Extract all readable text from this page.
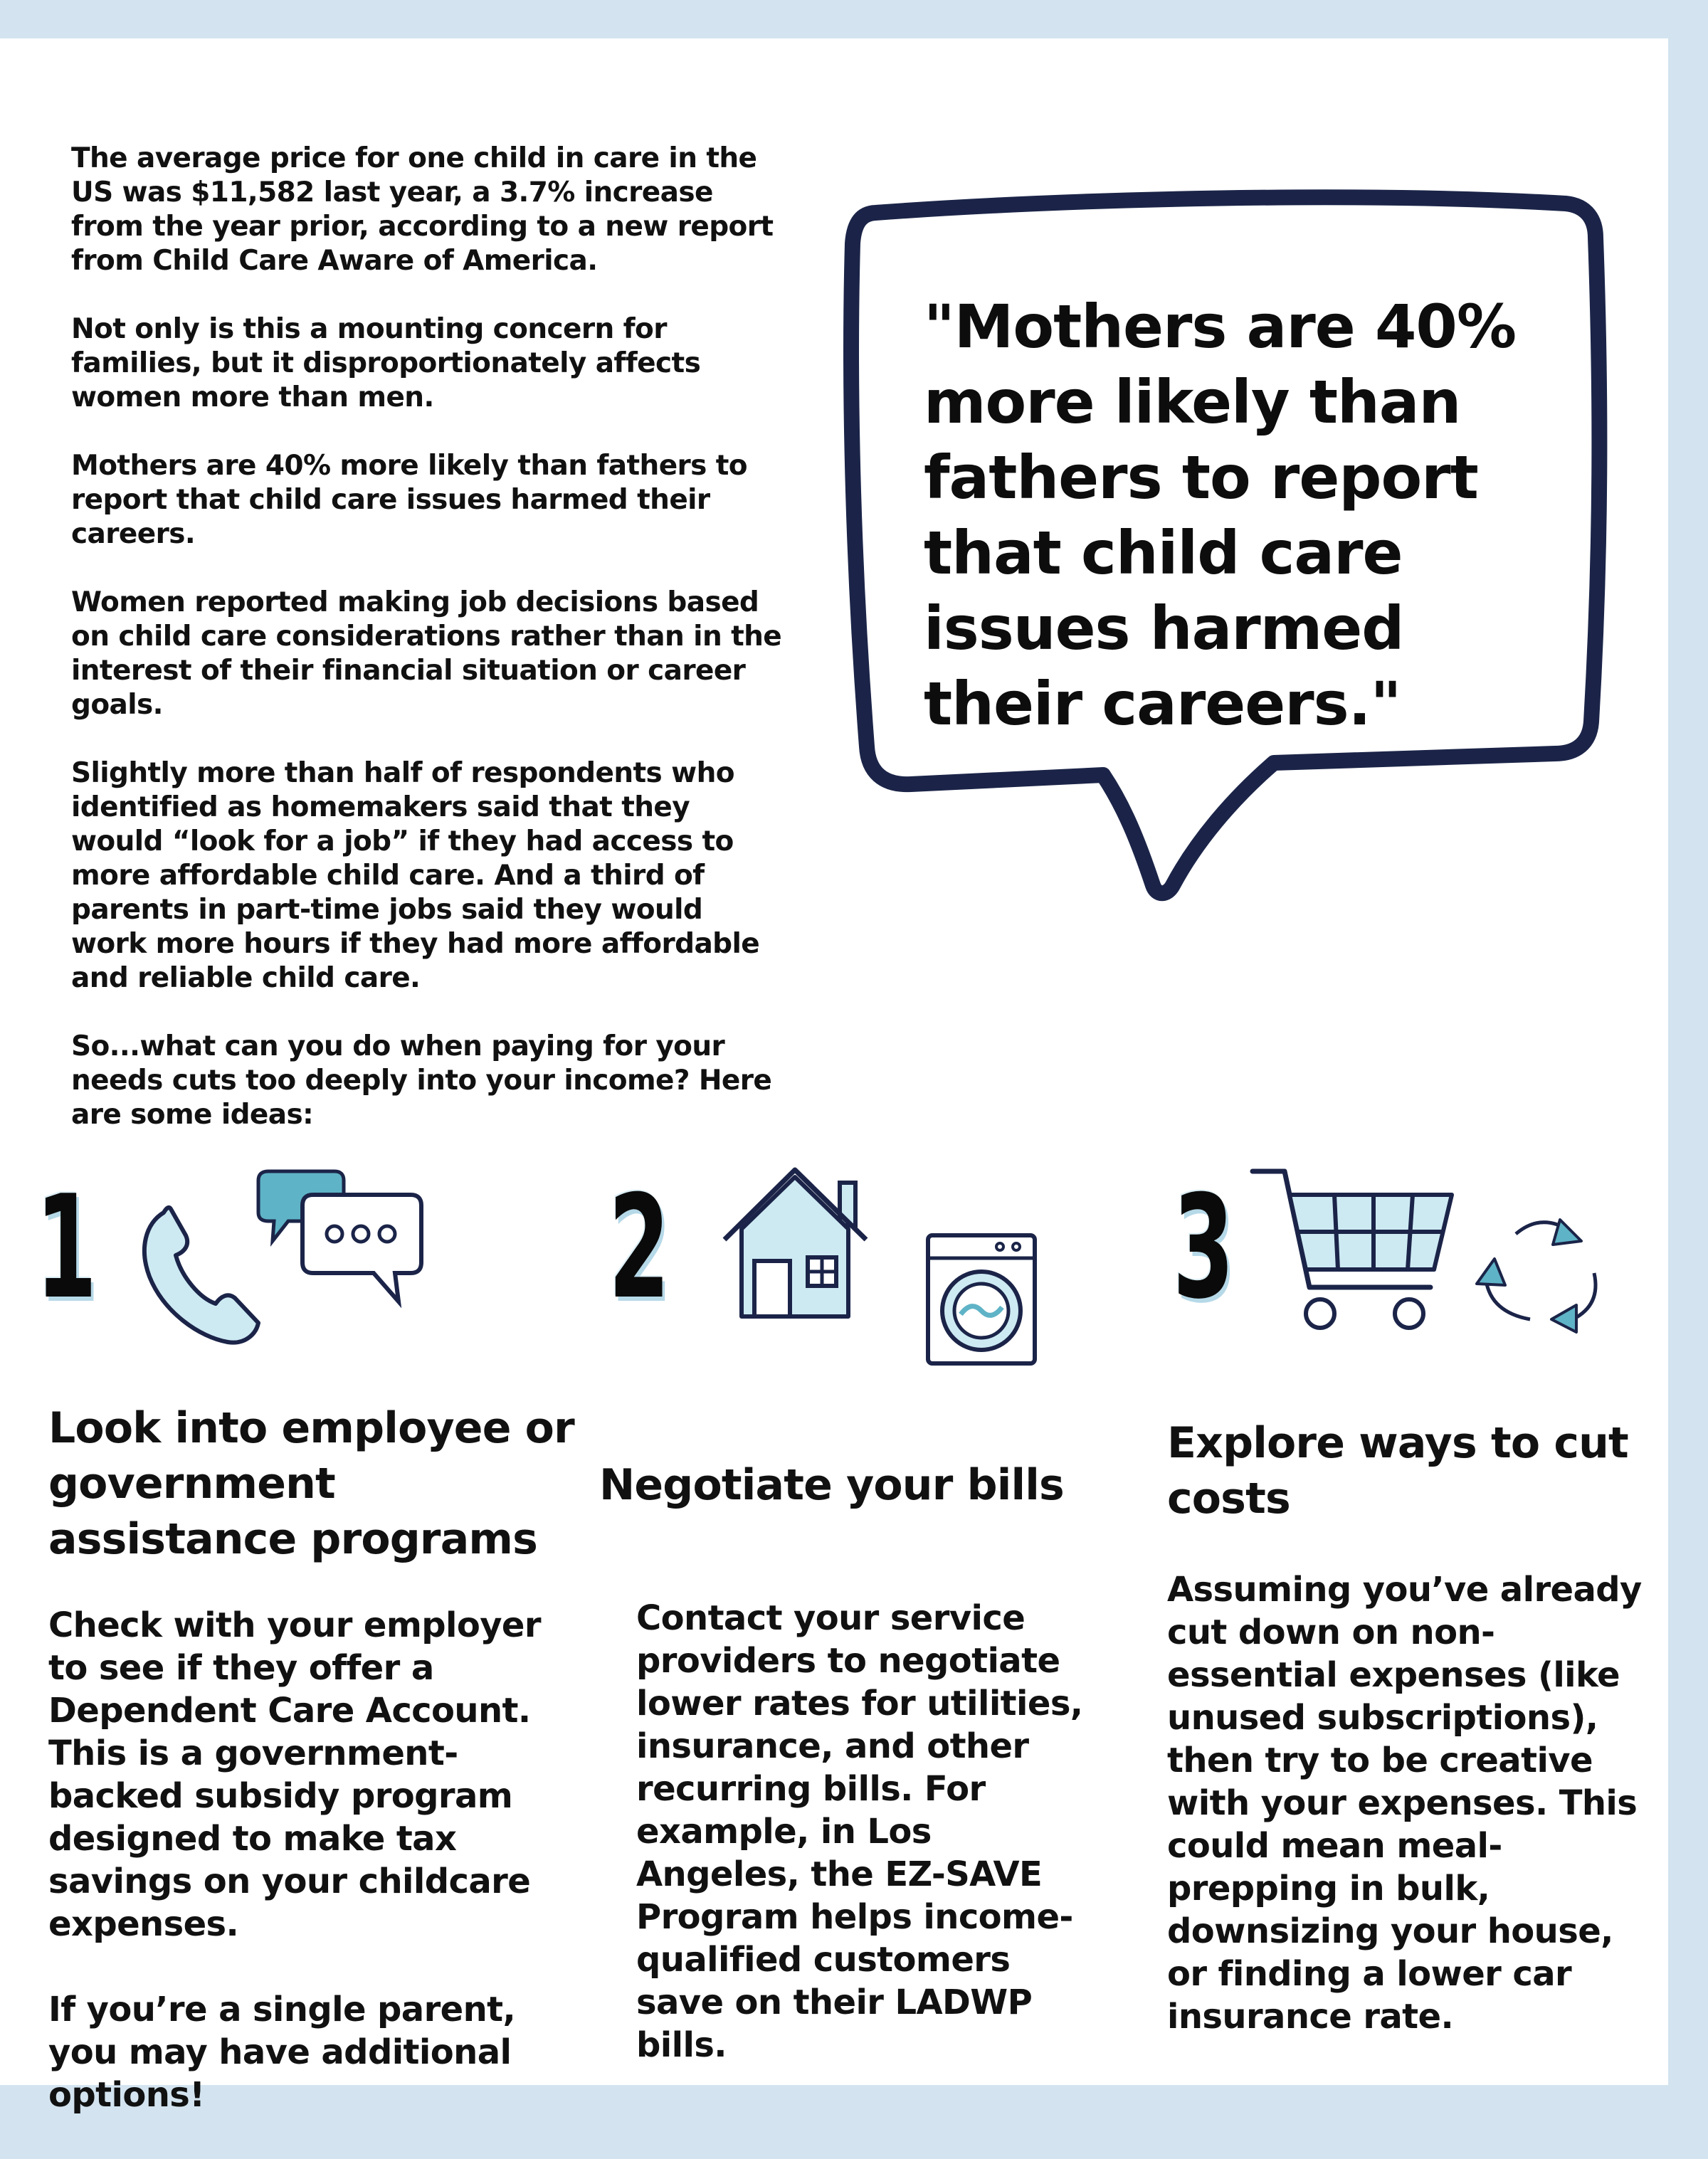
The average price for one child in care in the US was $11,582 last year, a 3.7% increase from the year prior, according to a new report from Child Care Aware of America.

Not only is this a mounting concern for families, but it disproportionately affects women more than men.

Mothers are 40% more likely than fathers to report that child care issues harmed their careers.

Women reported making job decisions based on child care considerations rather than in the interest of their financial situation or career goals.

Slightly more than half of respondents who identified as homemakers said that they would “look for a job” if they had access to more affordable child care. And a third of parents in part-time jobs said they would work more hours if they had more affordable and reliable child care.

So...what can you do when paying for your needs cuts too deeply into your income? Here are some ideas:

"Mothers are 40% more likely than fathers to report that child care issues harmed their careers."
1
Look into employee or government assistance programs

Check with your employer to see if they offer a Dependent Care Account. This is a government-backed subsidy program designed to make tax savings on your childcare expenses.

If you’re a single parent, you may have additional options!

2
Negotiate your bills

Contact your service providers to negotiate lower rates for utilities, insurance, and other recurring bills. For example, in Los Angeles, the EZ-SAVE Program helps income-qualified customers save on their LADWP bills.

3
Explore ways to cut costs

Assuming you’ve already cut down on non-essential expenses (like unused subscriptions), then try to be creative with your expenses. This could mean meal-prepping in bulk, downsizing your house, or finding a lower car insurance rate.
